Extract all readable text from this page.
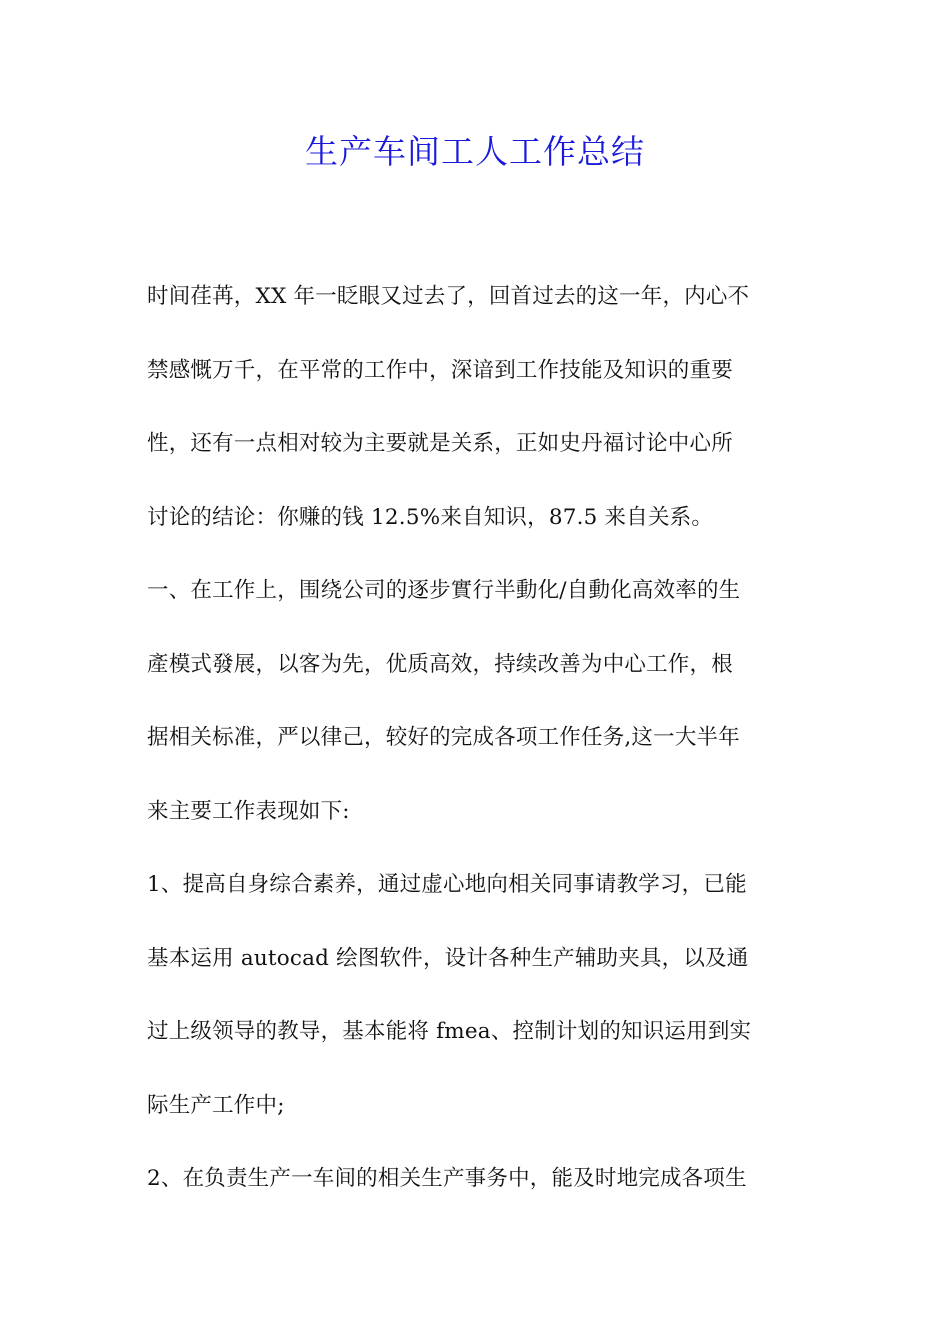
生产车间工人工作总结

时间荏苒，XX 年一眨眼又过去了，回首过去的这一年，内心不

禁感慨万千，在平常的工作中，深谙到工作技能及知识的重要

性，还有一点相对较为主要就是关系，正如史丹福讨论中心所

讨论的结论：你赚的钱 12.5%来自知识，87.5 来自关系。

一、在工作上，围绕公司的逐步實行半動化/自動化高效率的生

產模式發展，以客为先，优质高效，持续改善为中心工作，根

据相关标准，严以律己，较好的完成各项工作任务,这一大半年

来主要工作表现如下:

1、提高自身综合素养，通过虚心地向相关同事请教学习，已能

基本运用 autocad 绘图软件，设计各种生产辅助夹具，以及通

过上级领导的教导，基本能将 fmea、控制计划的知识运用到实

际生产工作中;

2、在负责生产一车间的相关生产事务中，能及时地完成各项生
